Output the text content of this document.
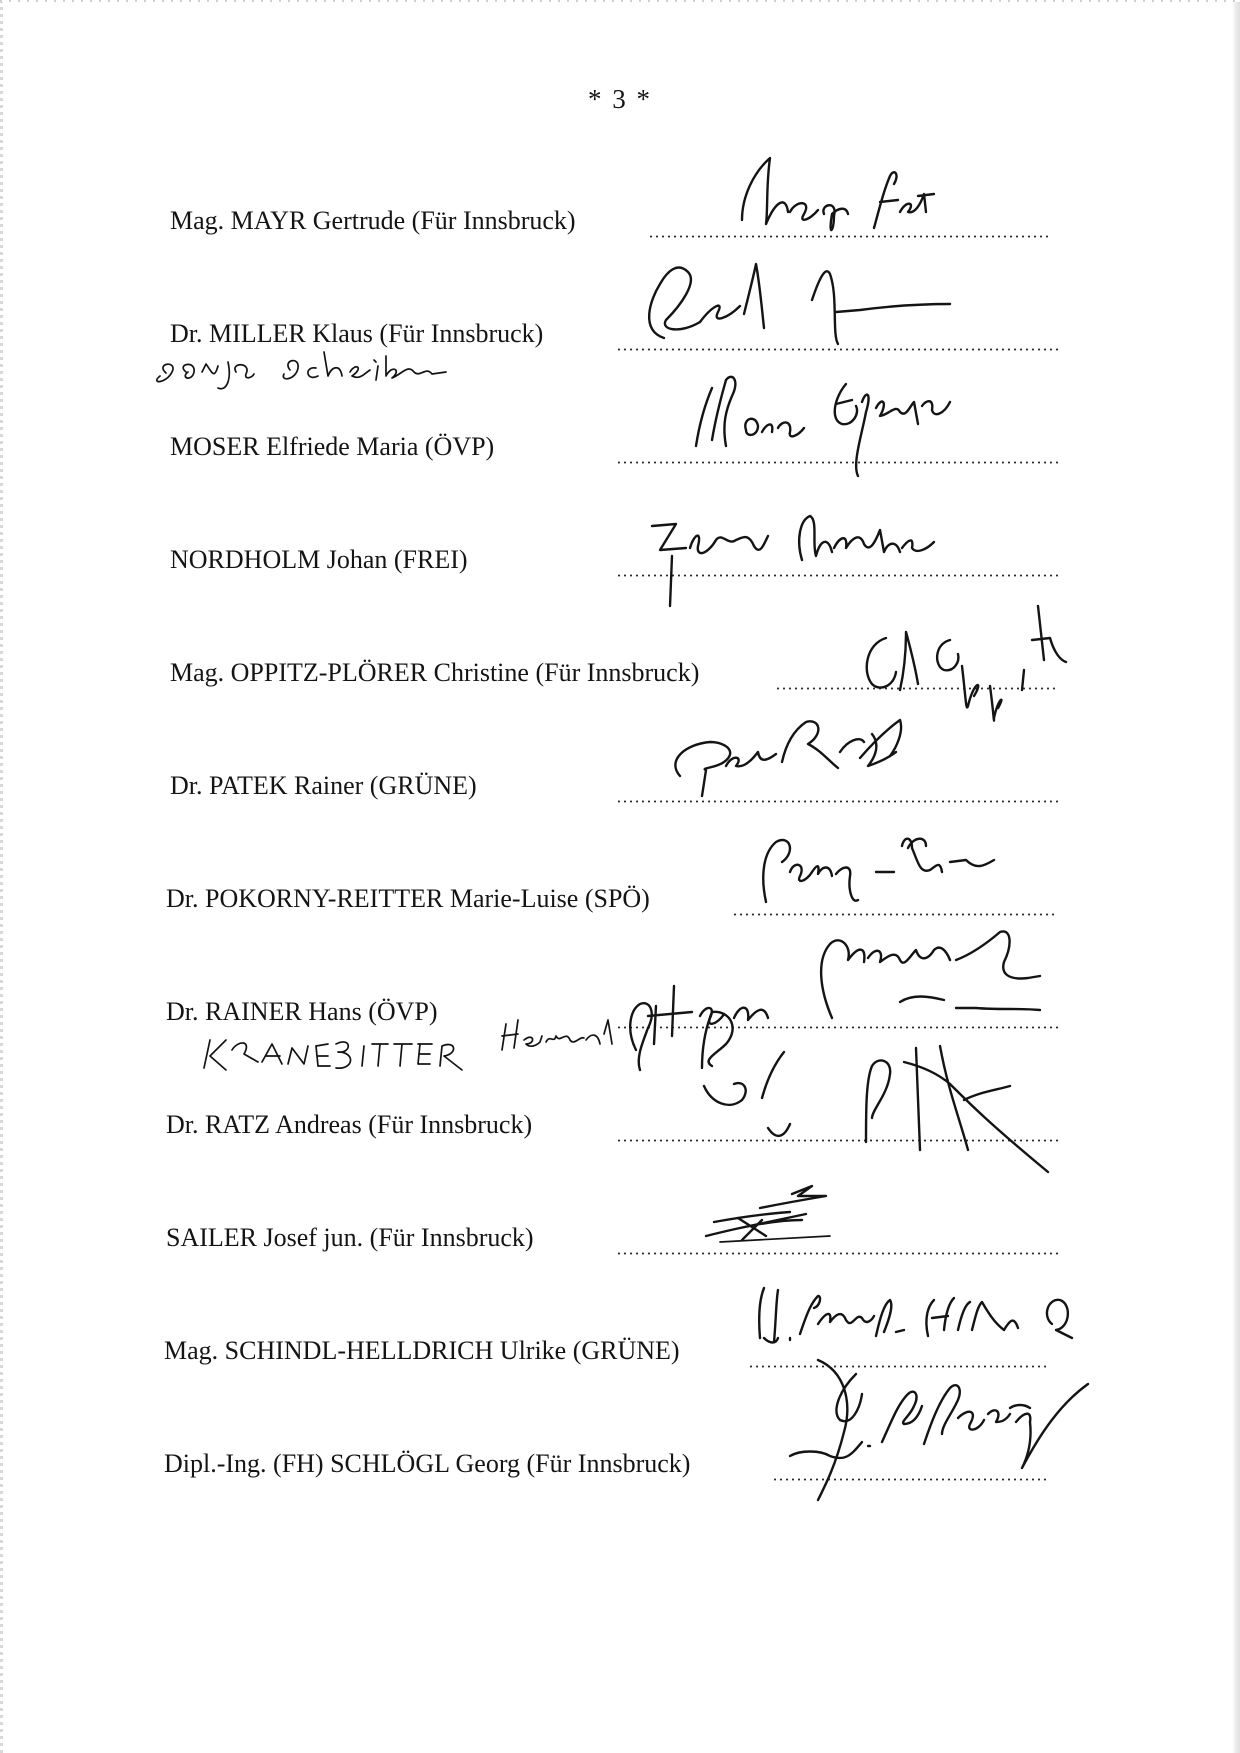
* 3 *
Mag. MAYR Gertrude (Für Innsbruck)
Dr. MILLER Klaus (Für Innsbruck)
MOSER Elfriede Maria (ÖVP)
NORDHOLM Johan (FREI)
Mag. OPPITZ-PLÖRER Christine (Für Innsbruck)
Dr. PATEK Rainer (GRÜNE)
Dr. POKORNY-REITTER Marie-Luise (SPÖ)
Dr. RAINER Hans (ÖVP)
Dr. RATZ Andreas (Für Innsbruck)
SAILER Josef jun. (Für Innsbruck)
Mag. SCHINDL-HELLDRICH Ulrike (GRÜNE)
Dipl.-Ing. (FH) SCHLÖGL Georg (Für Innsbruck)
